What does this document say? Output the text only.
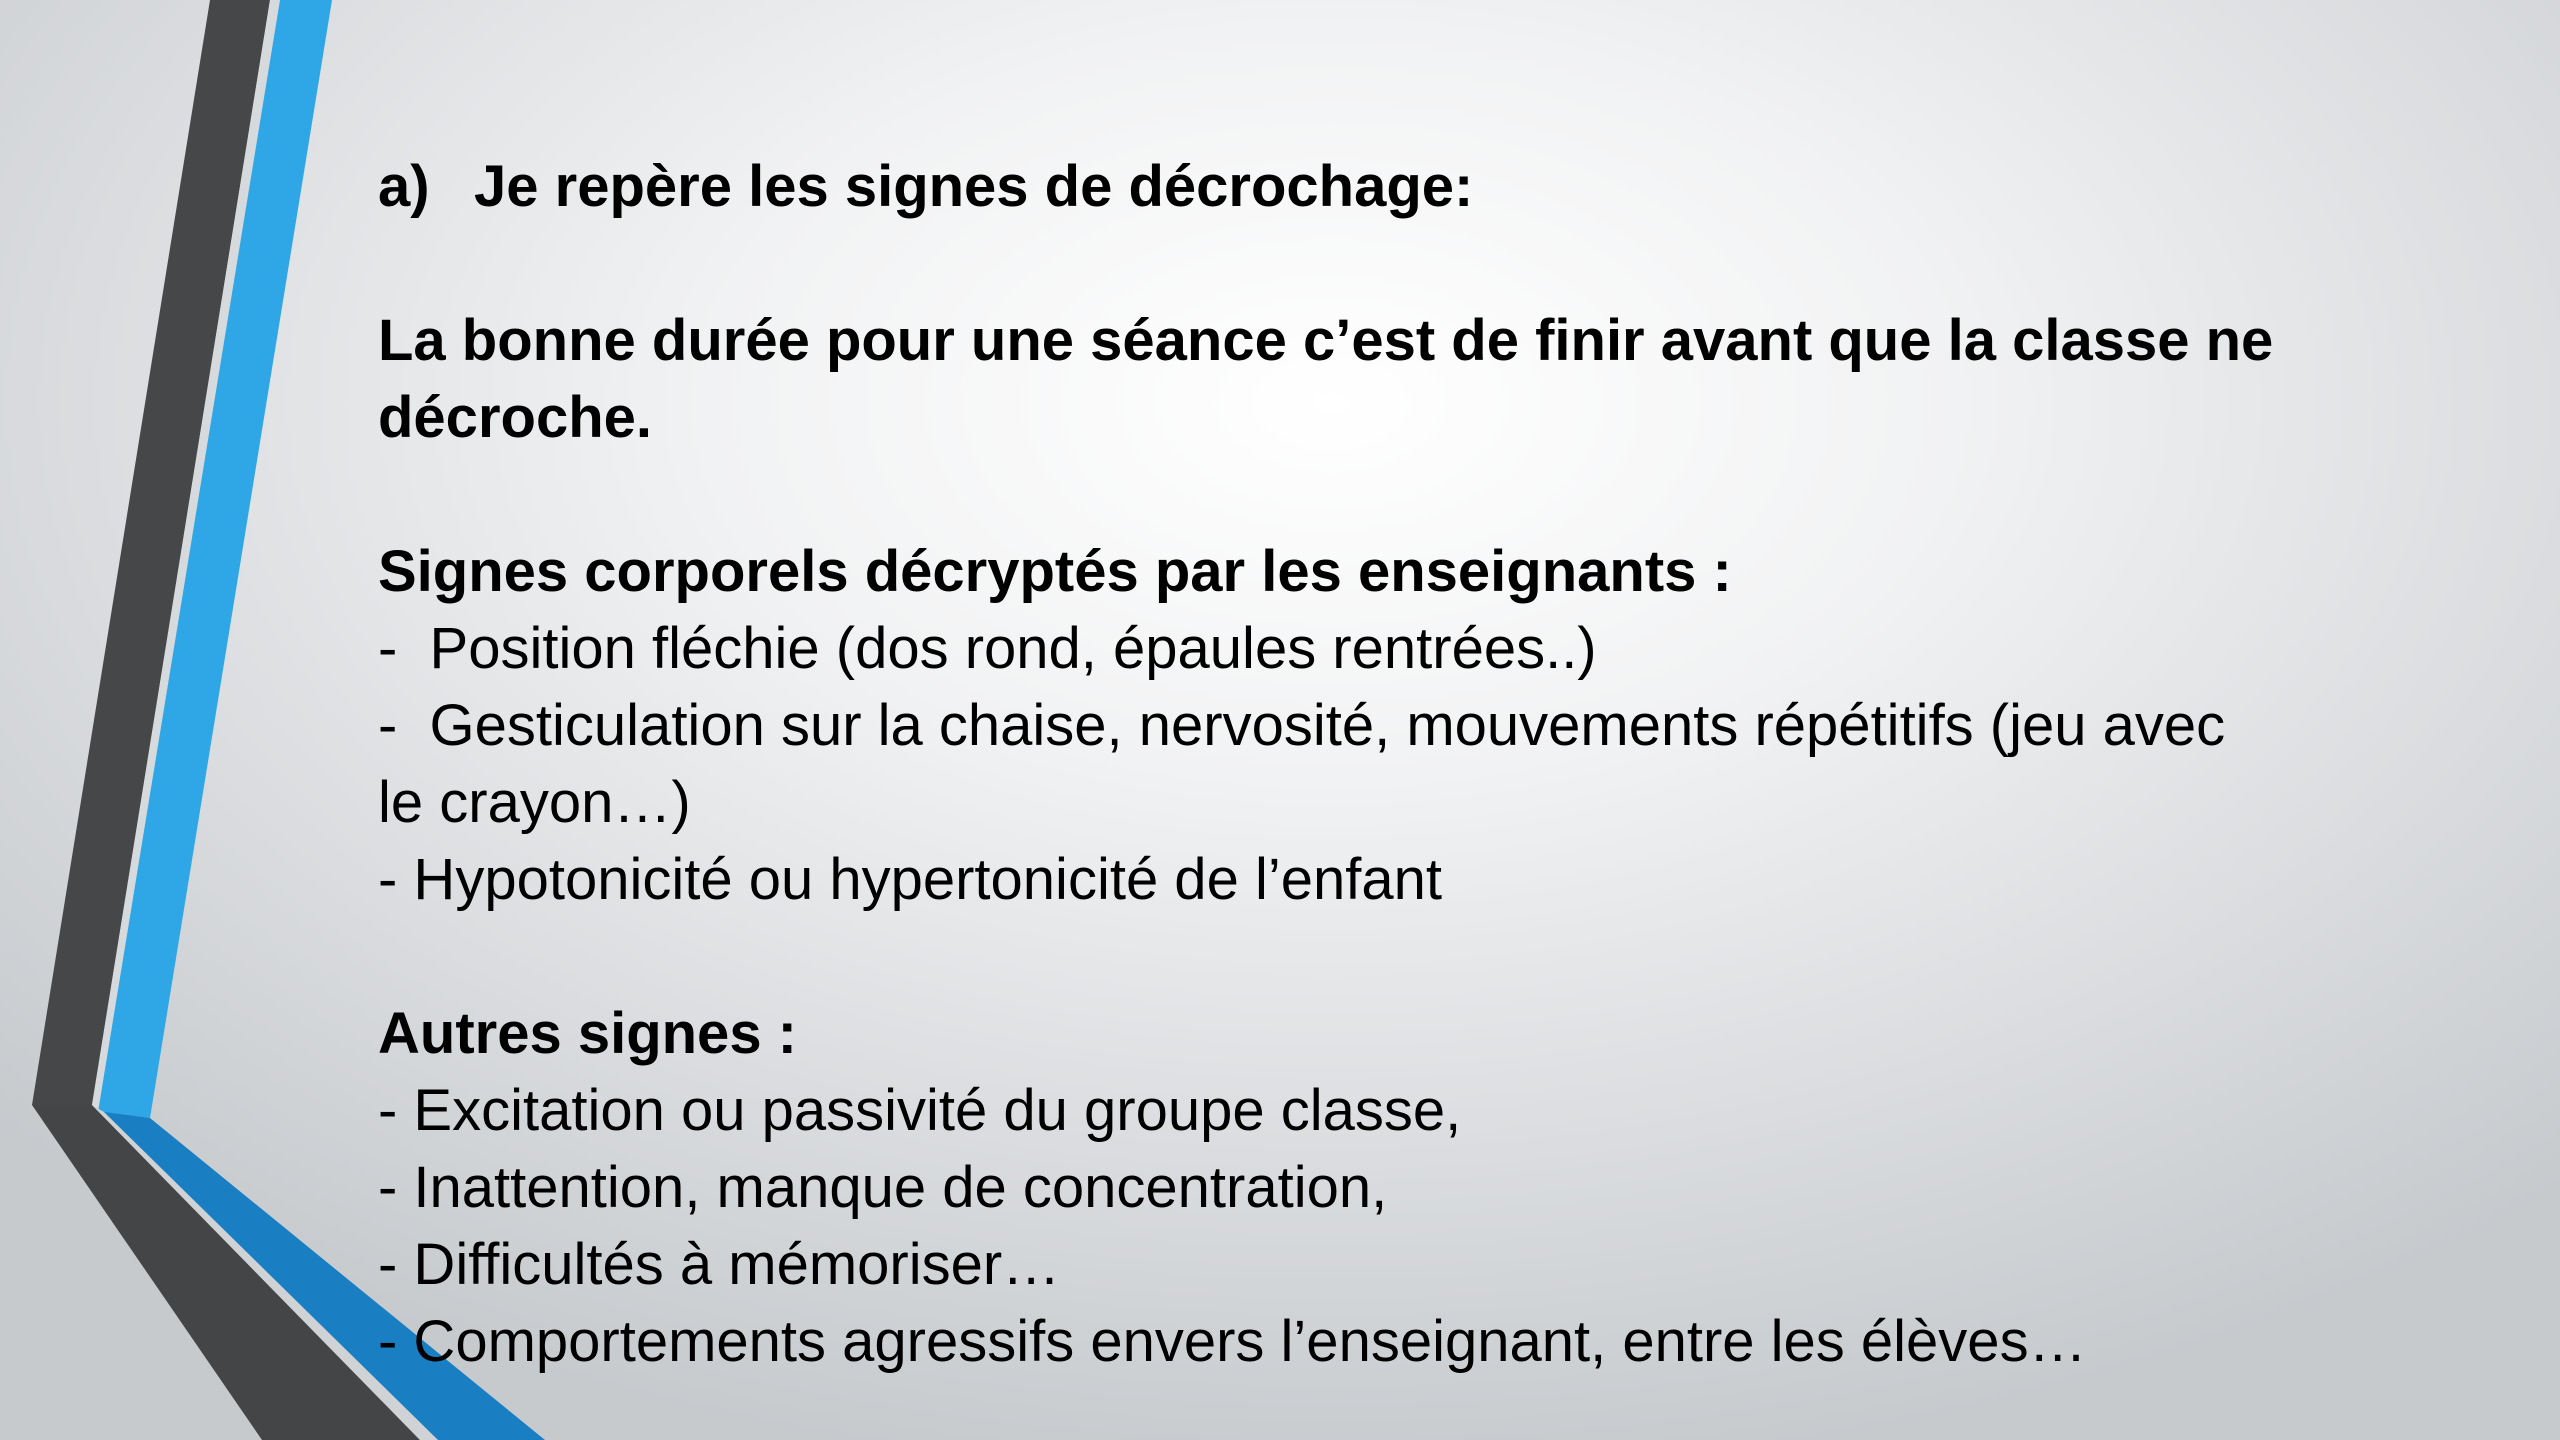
a) Je repère les signes de décrochage:
La bonne durée pour une séance c’est de finir avant que la classe ne décroche.
Signes corporels décryptés par les enseignants :
-  Position fléchie (dos rond, épaules rentrées..)
-  Gesticulation sur la chaise, nervosité, mouvements répétitifs (jeu avec
le crayon…)
- Hypotonicité ou hypertonicité de l’enfant
Autres signes :
- Excitation ou passivité du groupe classe,
- Inattention, manque de concentration,
- Difficultés à mémoriser…
- Comportements agressifs envers l’enseignant, entre les élèves…
